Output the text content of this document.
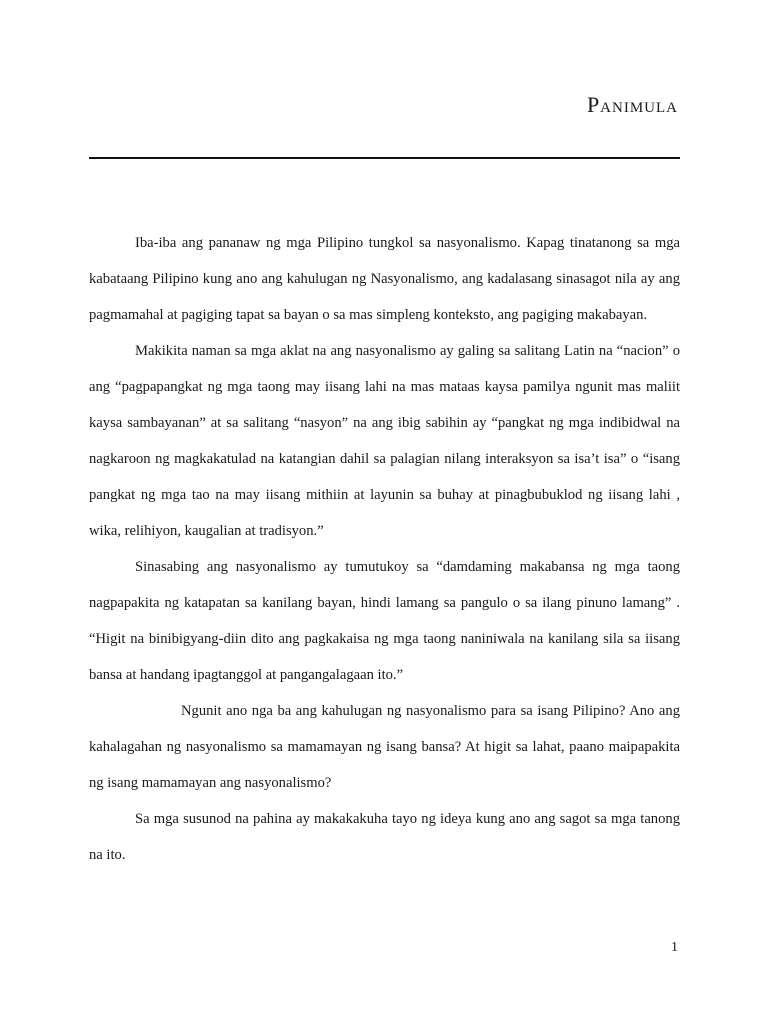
Panimula

Iba-iba ang pananaw ng mga Pilipino tungkol sa nasyonalismo. Kapag tinatanong sa mga kabataang Pilipino kung ano ang kahulugan ng Nasyonalismo, ang kadalasang sinasagot nila ay ang pagmamahal at pagiging tapat sa bayan o sa mas simpleng konteksto, ang pagiging makabayan.

Makikita naman sa mga aklat na ang nasyonalismo ay galing sa salitang Latin na “nacion” o ang “pagpapangkat ng mga taong may iisang lahi na mas mataas kaysa pamilya ngunit mas maliit kaysa sambayanan” at sa salitang “nasyon” na ang ibig sabihin ay “pangkat ng mga indibidwal na nagkaroon ng magkakatulad na katangian dahil sa palagian nilang interaksyon sa isa’t isa” o “isang pangkat ng mga tao na may iisang mithiin at layunin sa buhay at pinagbubuklod ng iisang lahi , wika, relihiyon, kaugalian at tradisyon.”

Sinasabing ang nasyonalismo ay tumutukoy sa “damdaming makabansa ng mga taong nagpapakita ng katapatan sa kanilang bayan, hindi lamang sa pangulo o sa ilang pinuno lamang” . “Higit na binibigyang-diin dito ang pagkakaisa ng mga taong naniniwala na kanilang sila sa iisang bansa at handang ipagtanggol at pangangalagaan ito.”

Ngunit ano nga ba ang kahulugan ng nasyonalismo para sa isang Pilipino? Ano ang kahalagahan ng nasyonalismo sa mamamayan ng isang bansa? At higit sa lahat, paano maipapakita ng isang mamamayan ang nasyonalismo?

Sa mga susunod na pahina ay makakakuha tayo ng ideya kung ano ang sagot sa mga tanong na ito.

1
